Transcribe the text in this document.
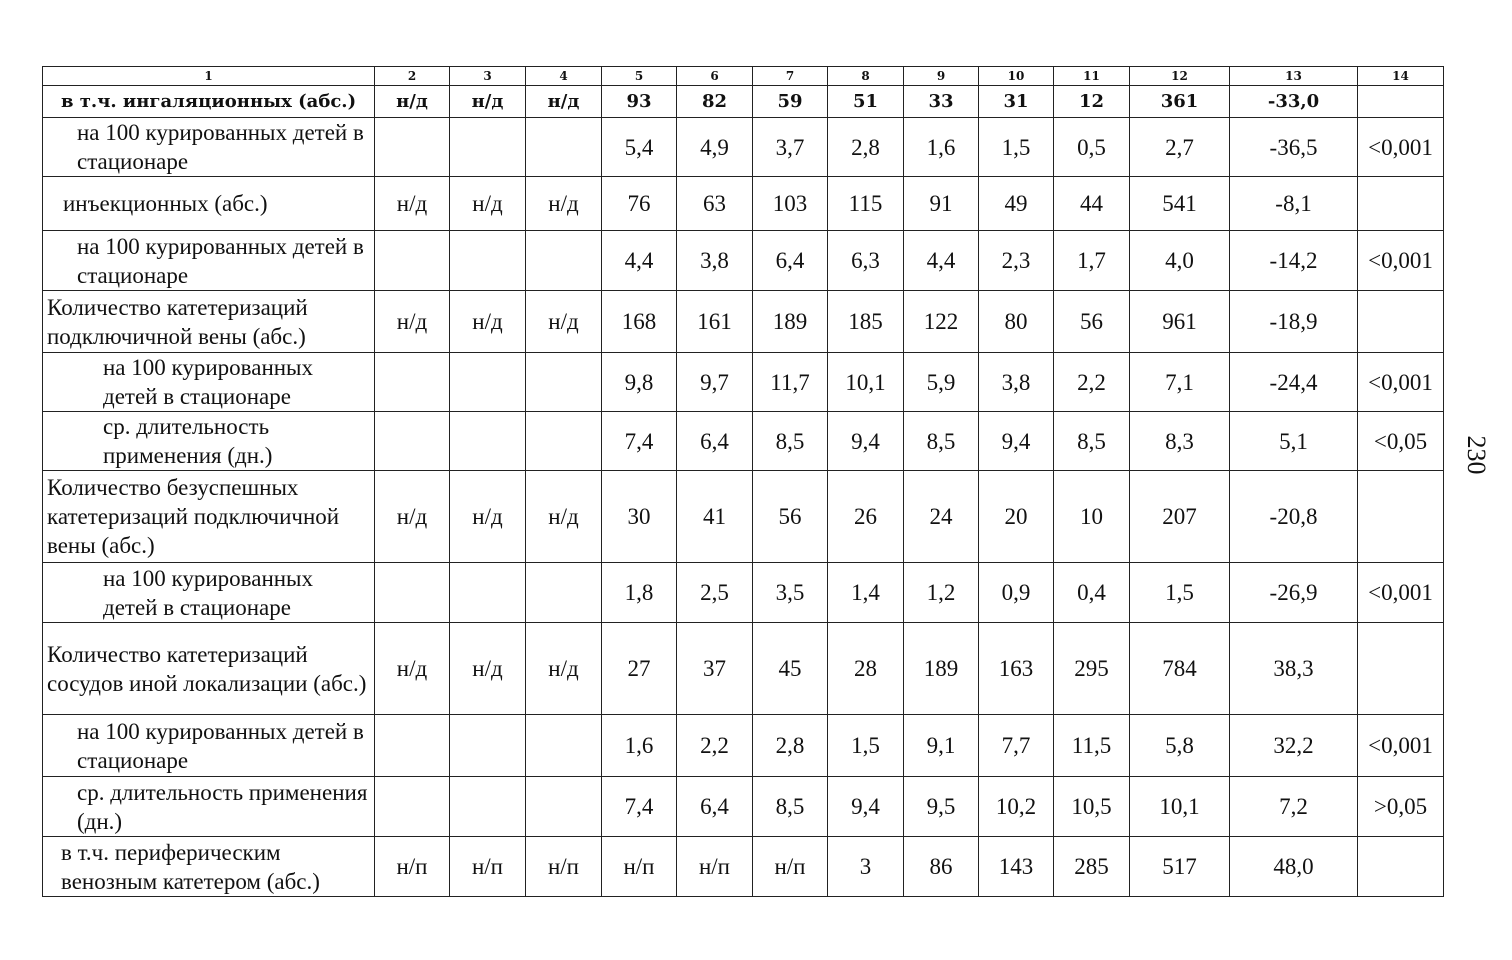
1	2	3	4	5	6	7	8	9	10	11	12	13	14
в т.ч. ингаляционных (абс.)	н/д	н/д	н/д	93	82	59	51	33	31	12	361	-33,0	
на 100 курированных детей в стационаре				5,4	4,9	3,7	2,8	1,6	1,5	0,5	2,7	-36,5	<0,001
инъекционных (абс.)	н/д	н/д	н/д	76	63	103	115	91	49	44	541	-8,1	
на 100 курированных детей в стационаре				4,4	3,8	6,4	6,3	4,4	2,3	1,7	4,0	-14,2	<0,001
Количество катетеризаций подключичной вены (абс.)	н/д	н/д	н/д	168	161	189	185	122	80	56	961	-18,9	
на 100 курированных детей в стационаре				9,8	9,7	11,7	10,1	5,9	3,8	2,2	7,1	-24,4	<0,001
ср. длительность применения (дн.)				7,4	6,4	8,5	9,4	8,5	9,4	8,5	8,3	5,1	<0,05
Количество безуспешных катетеризаций подключичной вены (абс.)	н/д	н/д	н/д	30	41	56	26	24	20	10	207	-20,8	
на 100 курированных детей в стационаре				1,8	2,5	3,5	1,4	1,2	0,9	0,4	1,5	-26,9	<0,001
Количество катетеризаций сосудов иной локализации (абс.)	н/д	н/д	н/д	27	37	45	28	189	163	295	784	38,3	
на 100 курированных детей в стационаре				1,6	2,2	2,8	1,5	9,1	7,7	11,5	5,8	32,2	<0,001
ср. длительность применения (дн.)				7,4	6,4	8,5	9,4	9,5	10,2	10,5	10,1	7,2	>0,05
в т.ч. периферическим венозным катетером (абс.)	н/п	н/п	н/п	н/п	н/п	н/п	3	86	143	285	517	48,0	
230
